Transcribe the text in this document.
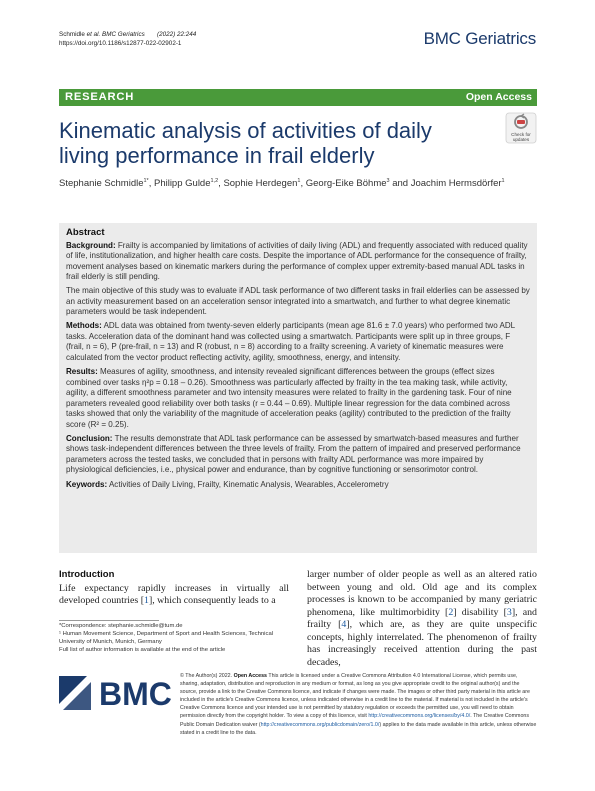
Schmidle et al. BMC Geriatrics (2022) 22:244
https://doi.org/10.1186/s12877-022-02902-1	BMC Geriatrics
RESEARCH	Open Access
Kinematic analysis of activities of daily living performance in frail elderly
Check for
updates
Stephanie Schmidle$^{1*}$, Philipp Gulde$^{1,2}$, Sophie Herdegen$^1$, Georg-Eike Böhme$^3$ and Joachim Hermsdörfer$^1$
Abstract

Background: Frailty is accompanied by limitations of activities of daily living (ADL) and frequently associated with reduced quality of life, institutionalization, and higher health care costs. Despite the importance of ADL performance for the consequence of frailty, movement analyses based on kinematic markers during the performance of complex upper extremity-based manual ADL tasks in frail elderly is still pending.

The main objective of this study was to evaluate if ADL task performance of two different tasks in frail elderlies can be assessed by an activity measurement based on an acceleration sensor integrated into a smartwatch, and further to what degree kinematic parameters would be task independent.

Methods: ADL data was obtained from twenty-seven elderly participants (mean age 81.6 ± 7.0 years) who performed two ADL tasks. Acceleration data of the dominant hand was collected using a smartwatch. Participants were split up in three groups, F (frail, n = 6), P (pre-frail, n = 13) and R (robust, n = 8) according to a frailty screening. A variety of kinematic measures were calculated from the vector product reflecting activity, agility, smoothness, energy, and intensity.

Results: Measures of agility, smoothness, and intensity revealed significant differences between the groups (effect sizes combined over tasks η²p = 0.18 – 0.26). Smoothness was particularly affected by frailty in the tea making task, while activity, agility, a different smoothness parameter and two intensity measures were related to frailty in the gardening task. Four of nine parameters revealed good reliability over both tasks (r = 0.44 – 0.69). Multiple linear regression for the data combined across tasks showed that only the variability of the magnitude of acceleration peaks (agility) contributed to the prediction of the frailty score (R² = 0.25).

Conclusion: The results demonstrate that ADL task performance can be assessed by smartwatch-based measures and further shows task-independent differences between the three levels of frailty. From the pattern of impaired and preserved performance parameters across the tested tasks, we concluded that in persons with frailty ADL performance was more impaired by physiological deficiencies, i.e., physical power and endurance, than by cognitive functioning or sensorimotor control.

Keywords: Activities of Daily Living, Frailty, Kinematic Analysis, Wearables, Accelerometry

Introduction

Life expectancy rapidly increases in virtually all developed countries [1], which consequently leads to a

larger number of older people as well as an altered ratio between young and old. Old age and its complex processes is known to be accompanied by many geriatric phenomena, like multimorbidity [2] disability [3], and frailty [4], which are, as they are quite unspecific concepts, highly interrelated. The phenomenon of frailty has increasingly received attention during the past decades,

*Correspondence: stephanie.schmidle@tum.de

¹ Human Movement Science, Department of Sport and Health Sciences, Technical University of Munich, Munich, Germany

Full list of author information is available at the end of the article

BMC © The Author(s) 2022. Open Access This article is licensed under a Creative Commons Attribution 4.0 International License, which permits use, sharing, adaptation, distribution and reproduction in any medium or format, as long as you give appropriate credit to the original author(s) and the source, provide a link to the Creative Commons licence, and indicate if changes were made. The images or other third party material in this article are included in the article's Creative Commons licence, unless indicated otherwise in a credit line to the material. If material is not included in the article's Creative Commons licence and your intended use is not permitted by statutory regulation or exceeds the permitted use, you will need to obtain permission directly from the copyright holder. To view a copy of this licence, visit http://creativecommons.org/licenses/by/4.0/. The Creative Commons Public Domain Dedication waiver (http://creativecommons.org/publicdomain/zero/1.0/) applies to the data made available in this article, unless otherwise stated in a credit line to the data.
